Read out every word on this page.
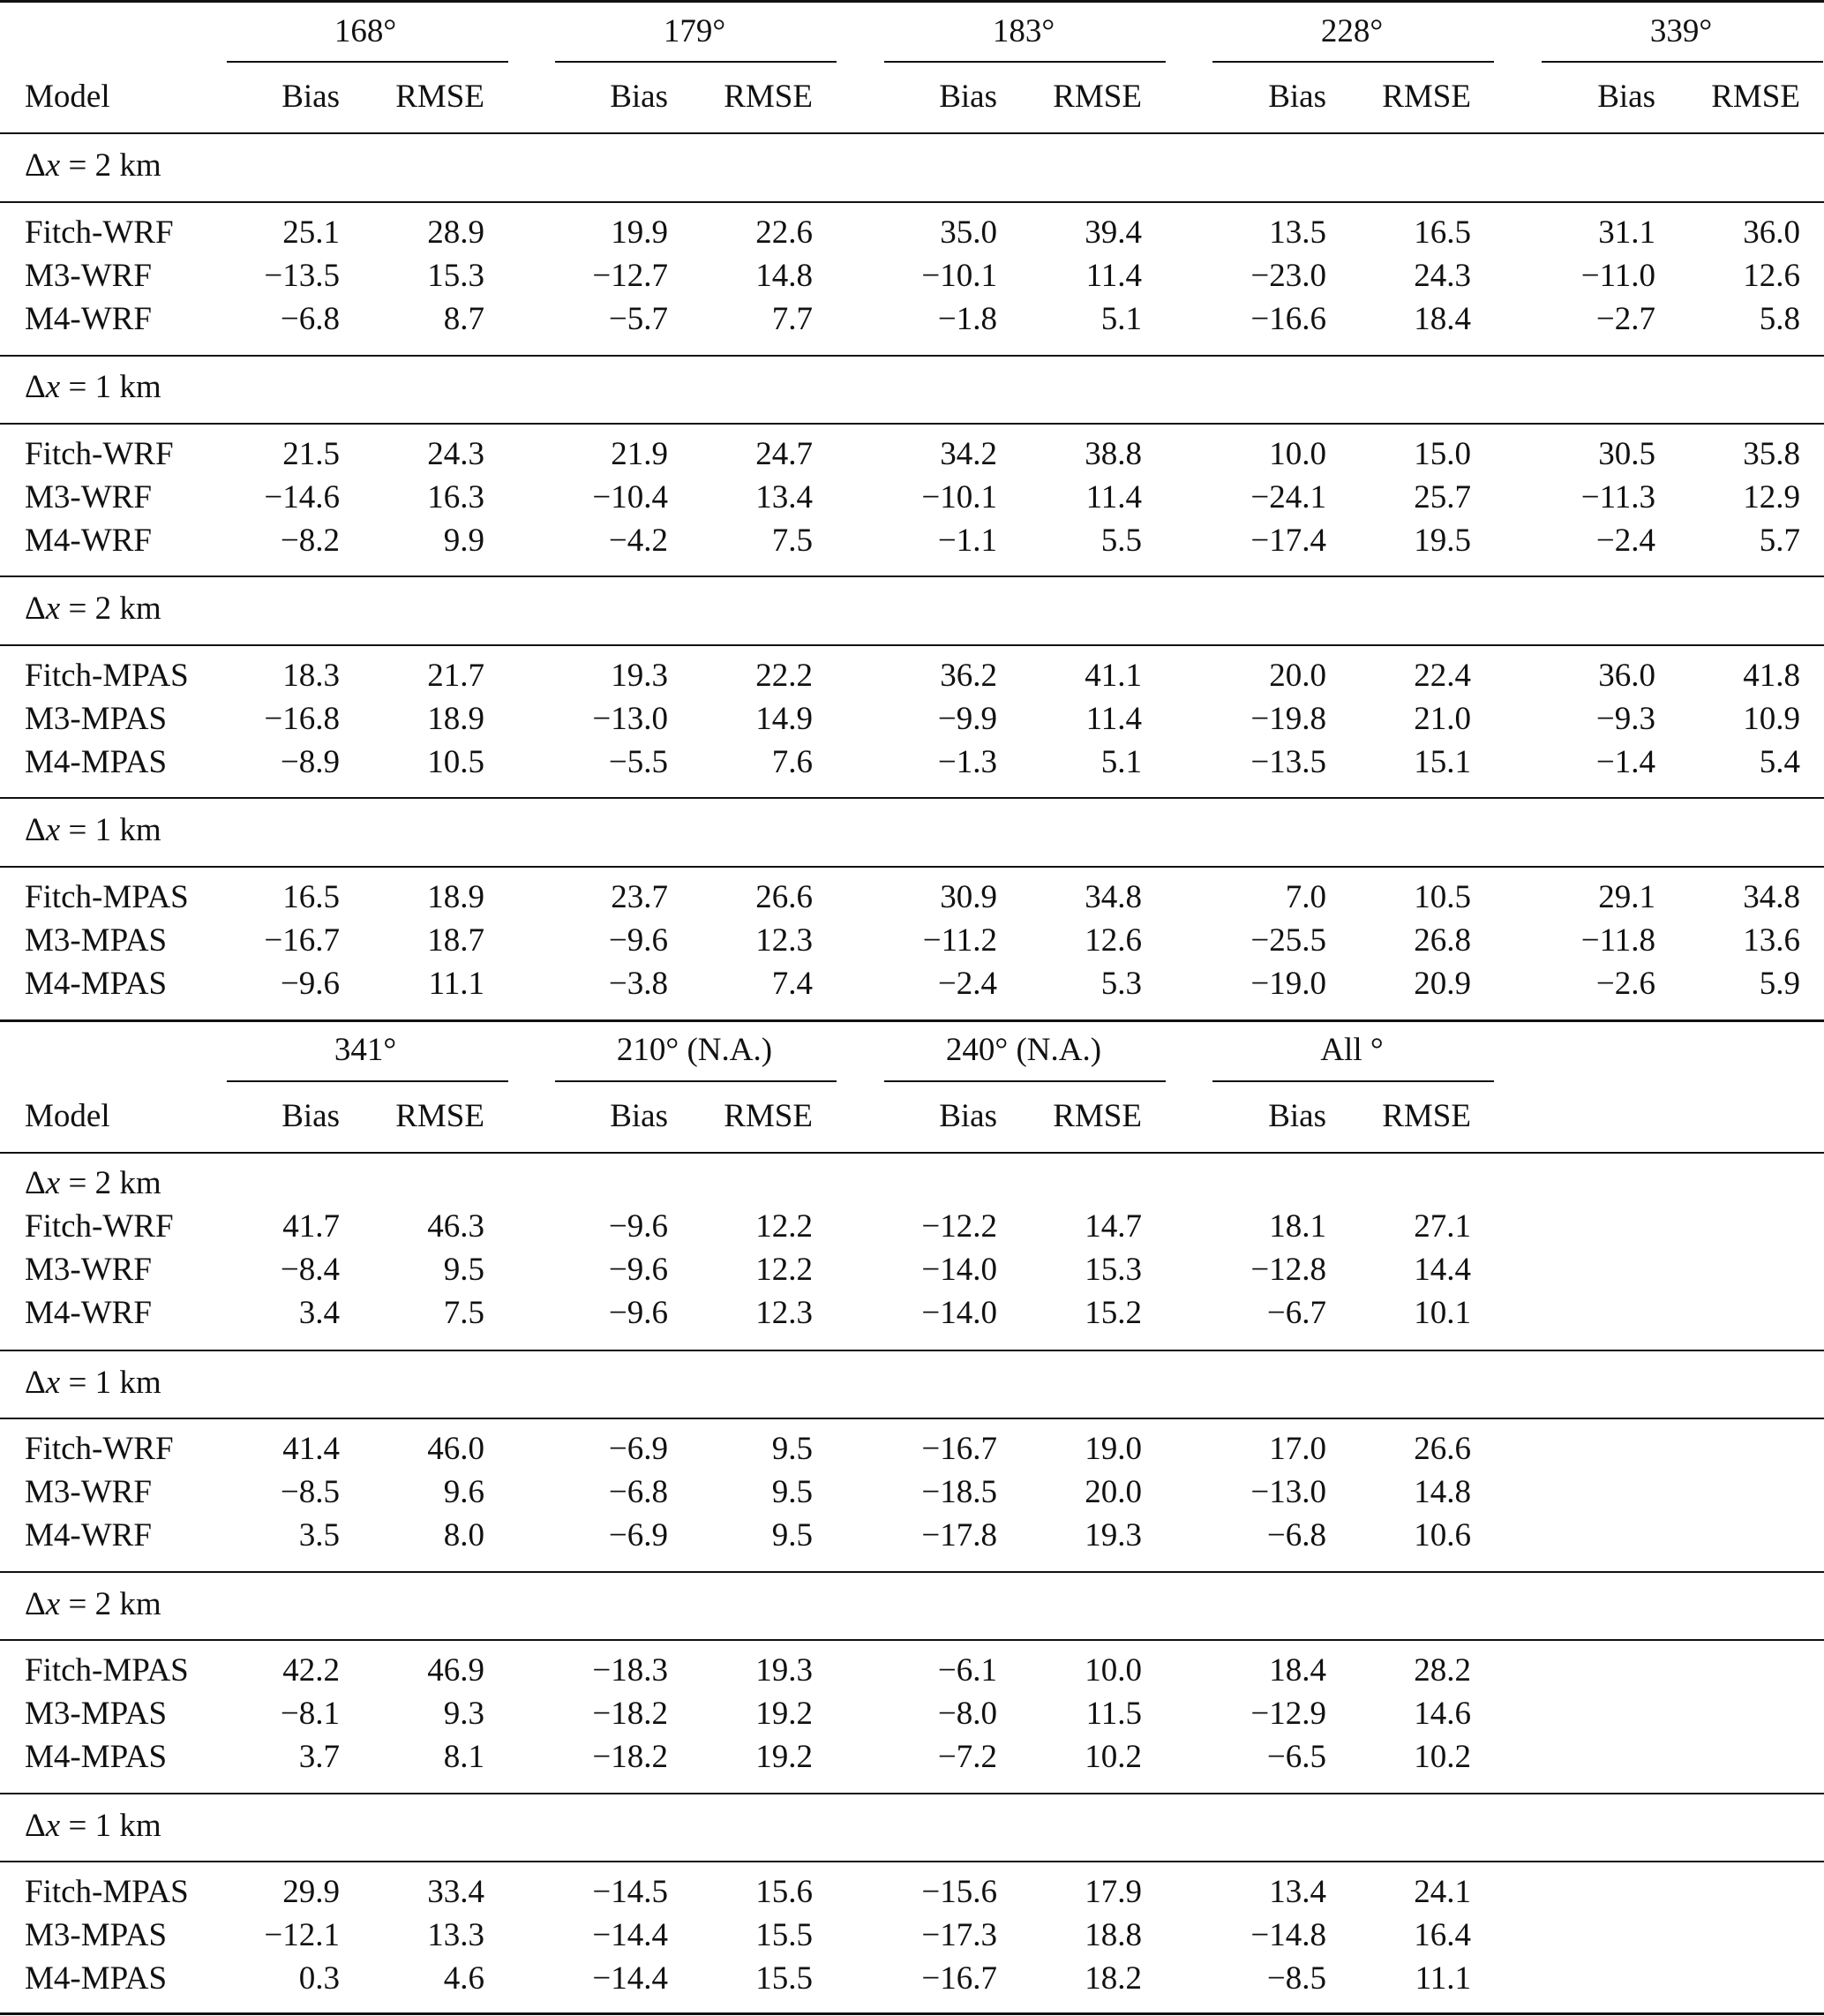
168°	179°	183°	228°	339°
Model	Bias	RMSE	Bias	RMSE	Bias	RMSE	Bias	RMSE	Bias	RMSE
Δx = 2 km
Fitch-WRF	25.1	28.9	19.9	22.6	35.0	39.4	13.5	16.5	31.1	36.0
M3-WRF	−13.5	15.3	−12.7	14.8	−10.1	11.4	−23.0	24.3	−11.0	12.6
M4-WRF	−6.8	8.7	−5.7	7.7	−1.8	5.1	−16.6	18.4	−2.7	5.8
Δx = 1 km
Fitch-WRF	21.5	24.3	21.9	24.7	34.2	38.8	10.0	15.0	30.5	35.8
M3-WRF	−14.6	16.3	−10.4	13.4	−10.1	11.4	−24.1	25.7	−11.3	12.9
M4-WRF	−8.2	9.9	−4.2	7.5	−1.1	5.5	−17.4	19.5	−2.4	5.7
Δx = 2 km
Fitch-MPAS	18.3	21.7	19.3	22.2	36.2	41.1	20.0	22.4	36.0	41.8
M3-MPAS	−16.8	18.9	−13.0	14.9	−9.9	11.4	−19.8	21.0	−9.3	10.9
M4-MPAS	−8.9	10.5	−5.5	7.6	−1.3	5.1	−13.5	15.1	−1.4	5.4
Δx = 1 km
Fitch-MPAS	16.5	18.9	23.7	26.6	30.9	34.8	7.0	10.5	29.1	34.8
M3-MPAS	−16.7	18.7	−9.6	12.3	−11.2	12.6	−25.5	26.8	−11.8	13.6
M4-MPAS	−9.6	11.1	−3.8	7.4	−2.4	5.3	−19.0	20.9	−2.6	5.9
341°	210° (N.A.)	240° (N.A.)	All °
Model	Bias	RMSE	Bias	RMSE	Bias	RMSE	Bias	RMSE
Δx = 2 km
Fitch-WRF	41.7	46.3	−9.6	12.2	−12.2	14.7	18.1	27.1
M3-WRF	−8.4	9.5	−9.6	12.2	−14.0	15.3	−12.8	14.4
M4-WRF	3.4	7.5	−9.6	12.3	−14.0	15.2	−6.7	10.1
Δx = 1 km
Fitch-WRF	41.4	46.0	−6.9	9.5	−16.7	19.0	17.0	26.6
M3-WRF	−8.5	9.6	−6.8	9.5	−18.5	20.0	−13.0	14.8
M4-WRF	3.5	8.0	−6.9	9.5	−17.8	19.3	−6.8	10.6
Δx = 2 km
Fitch-MPAS	42.2	46.9	−18.3	19.3	−6.1	10.0	18.4	28.2
M3-MPAS	−8.1	9.3	−18.2	19.2	−8.0	11.5	−12.9	14.6
M4-MPAS	3.7	8.1	−18.2	19.2	−7.2	10.2	−6.5	10.2
Δx = 1 km
Fitch-MPAS	29.9	33.4	−14.5	15.6	−15.6	17.9	13.4	24.1
M3-MPAS	−12.1	13.3	−14.4	15.5	−17.3	18.8	−14.8	16.4
M4-MPAS	0.3	4.6	−14.4	15.5	−16.7	18.2	−8.5	11.1
